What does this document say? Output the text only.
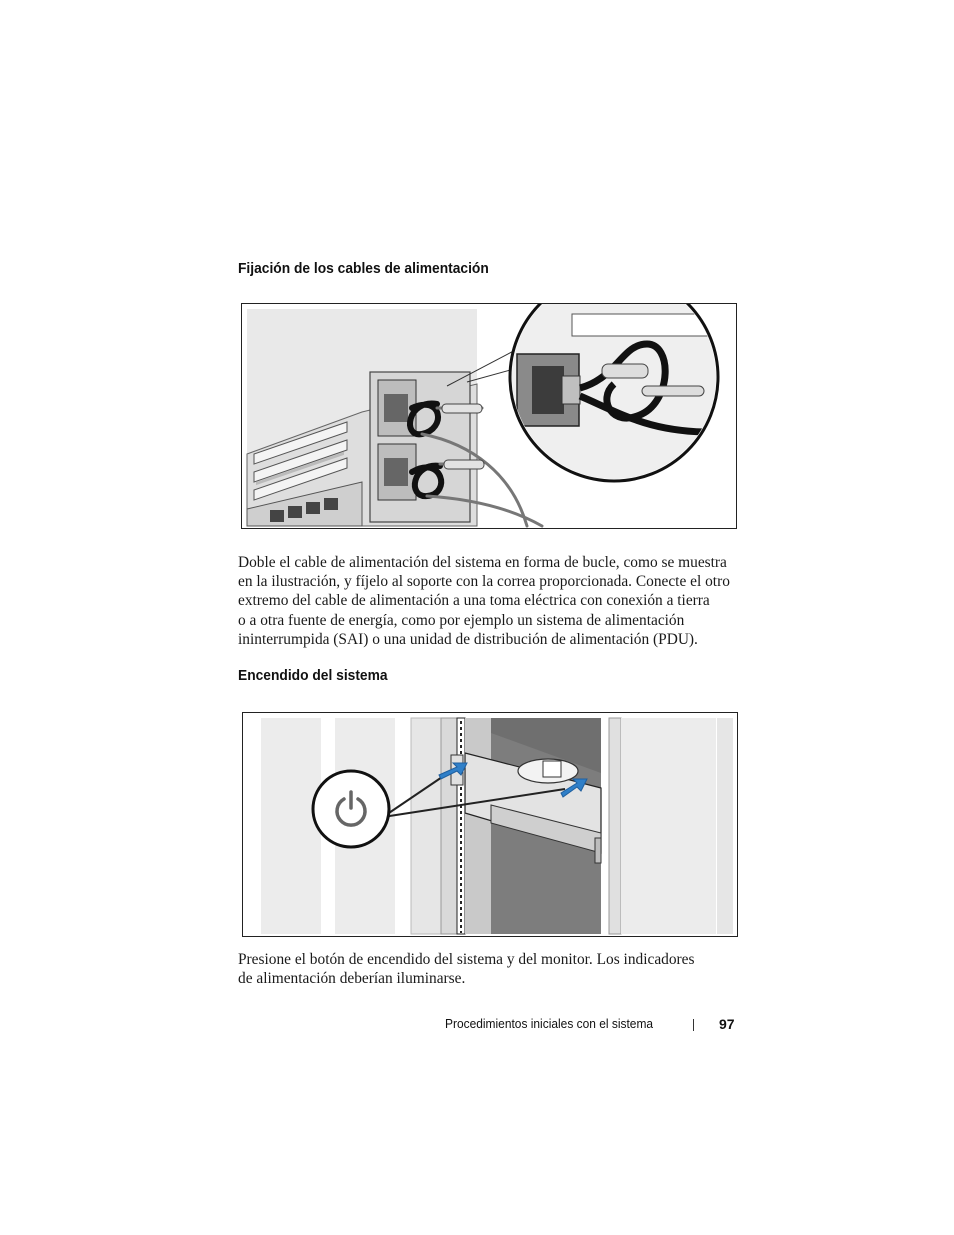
Fijación de los cables de alimentación

Doble el cable de alimentación del sistema en forma de bucle, como se muestra
en la ilustración, y fíjelo al soporte con la correa proporcionada. Conecte el otro
extremo del cable de alimentación a una toma eléctrica con conexión a tierra
o a otra fuente de energía, como por ejemplo un sistema de alimentación
ininterrumpida (SAI) o una unidad de distribución de alimentación (PDU).

Encendido del sistema

Presione el botón de encendido del sistema y del monitor. Los indicadores
de alimentación deberían iluminarse.

Procedimientos iniciales con el sistema	97
